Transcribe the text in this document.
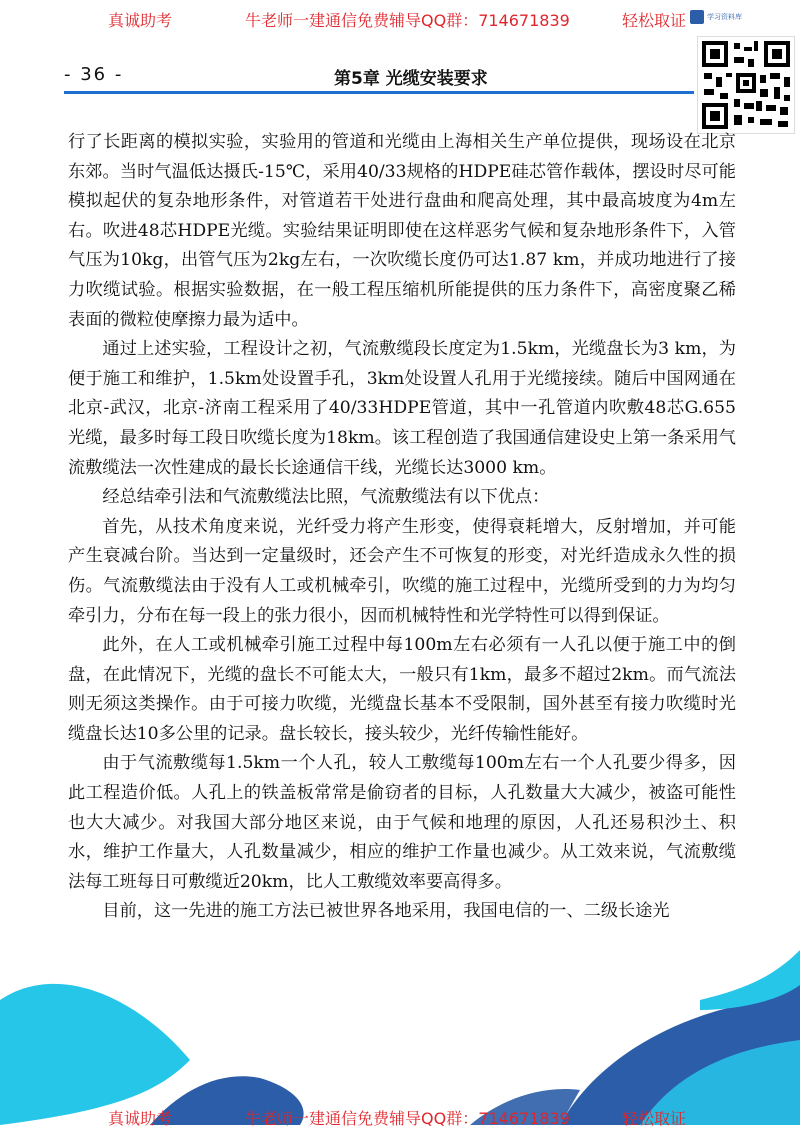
真诚助考	牛老师一建通信免费辅导QQ群：714671839	轻松取证	学习资料库
- 36 -	第5章 光缆安装要求

行了长距离的模拟实验，实验用的管道和光缆由上海相关生产单位提供，现场设在北京东郊。当时气温低达摄氏-15℃，采用40/33规格的HDPE硅芯管作载体，摆设时尽可能模拟起伏的复杂地形条件，对管道若干处进行盘曲和爬高处理，其中最高坡度为4m左右。吹进48芯HDPE光缆。实验结果证明即使在这样恶劣气候和复杂地形条件下，入管气压为10kg，出管气压为2kg左右，一次吹缆长度仍可达1.87 km，并成功地进行了接力吹缆试验。根据实验数据，在一般工程压缩机所能提供的压力条件下，高密度聚乙稀表面的微粒使摩擦力最为适中。

通过上述实验，工程设计之初，气流敷缆段长度定为1.5km，光缆盘长为3 km，为便于施工和维护，1.5km处设置手孔，3km处设置人孔用于光缆接续。随后中国网通在北京-武汉，北京-济南工程采用了40/33HDPE管道，其中一孔管道内吹敷48芯G.655光缆，最多时每工段日吹缆长度为18km。该工程创造了我国通信建设史上第一条采用气流敷缆法一次性建成的最长长途通信干线，光缆长达3000 km。

经总结牵引法和气流敷缆法比照，气流敷缆法有以下优点：

首先，从技术角度来说，光纤受力将产生形变，使得衰耗增大，反射增加，并可能产生衰减台阶。当达到一定量级时，还会产生不可恢复的形变，对光纤造成永久性的损伤。气流敷缆法由于没有人工或机械牵引，吹缆的施工过程中，光缆所受到的力为均匀牵引力，分布在每一段上的张力很小，因而机械特性和光学特性可以得到保证。

此外，在人工或机械牵引施工过程中每100m左右必须有一人孔以便于施工中的倒盘，在此情况下，光缆的盘长不可能太大，一般只有1km，最多不超过2km。而气流法则无须这类操作。由于可接力吹缆，光缆盘长基本不受限制，国外甚至有接力吹缆时光缆盘长达10多公里的记录。盘长较长，接头较少，光纤传输性能好。

由于气流敷缆每1.5km一个人孔，较人工敷缆每100m左右一个人孔要少得多，因此工程造价低。人孔上的铁盖板常常是偷窃者的目标，人孔数量大大减少，被盗可能性也大大减少。对我国大部分地区来说，由于气候和地理的原因，人孔还易积沙土、积水，维护工作量大，人孔数量减少，相应的维护工作量也减少。从工效来说，气流敷缆法每工班每日可敷缆近20km，比人工敷缆效率要高得多。

目前，这一先进的施工方法已被世界各地采用，我国电信的一、二级长途光

真诚助考	牛老师一建通信免费辅导QQ群：714671839	轻松取证
